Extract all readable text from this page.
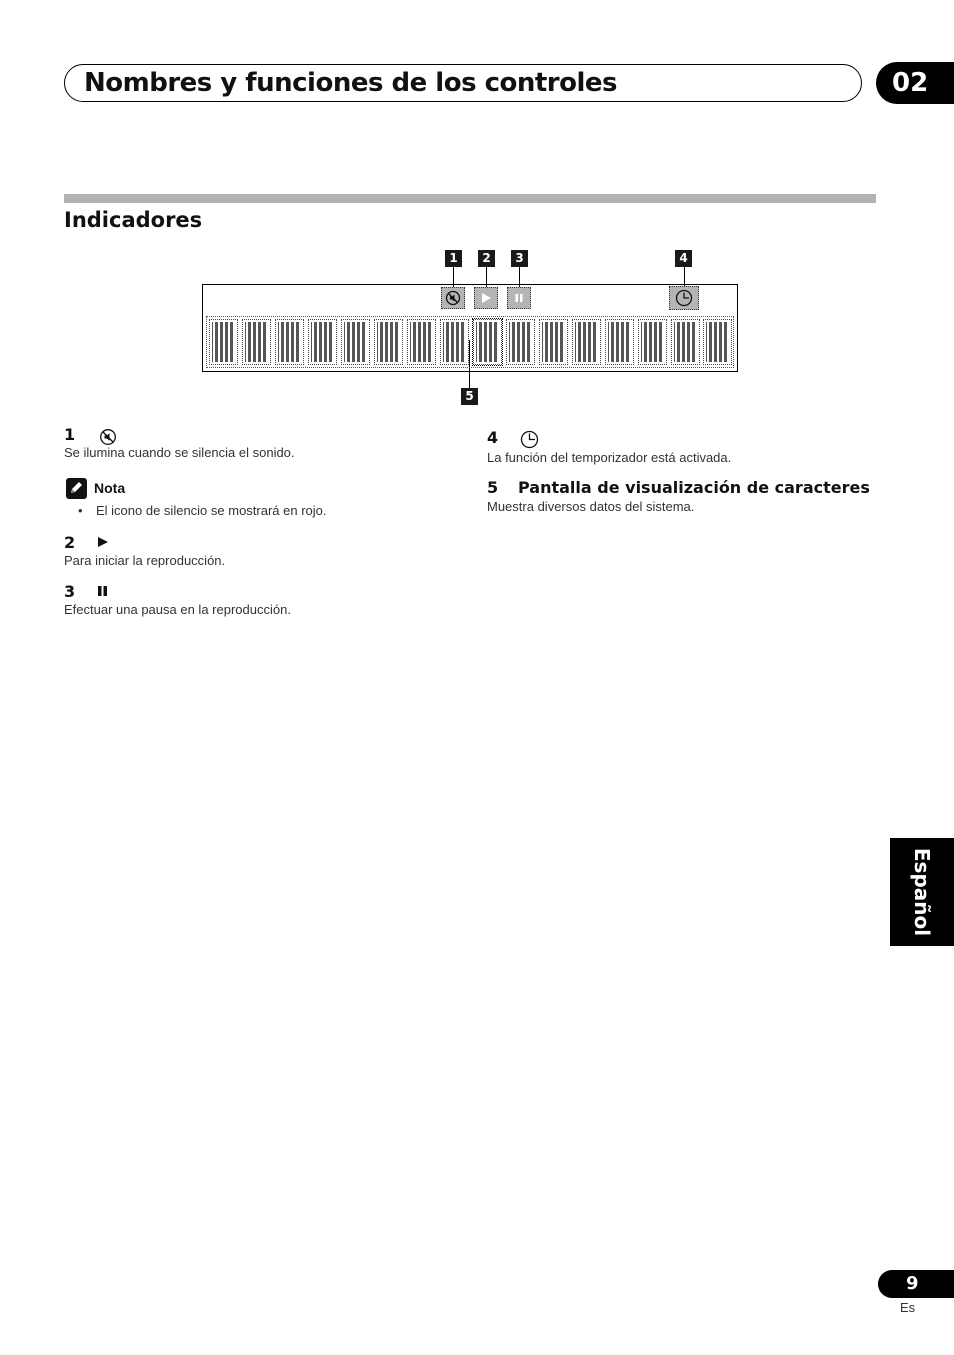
Nombres y funciones de los controles	02
Indicadores
1	2	3	4
5
1
Se ilumina cuando se silencia el sonido.
Nota
• El icono de silencio se mostrará en rojo.
2
Para iniciar la reproducción.
3
Efectuar una pausa en la reproducción.
4
La función del temporizador está activada.
5 Pantalla de visualización de caracteres
Muestra diversos datos del sistema.
Español
9
Es
